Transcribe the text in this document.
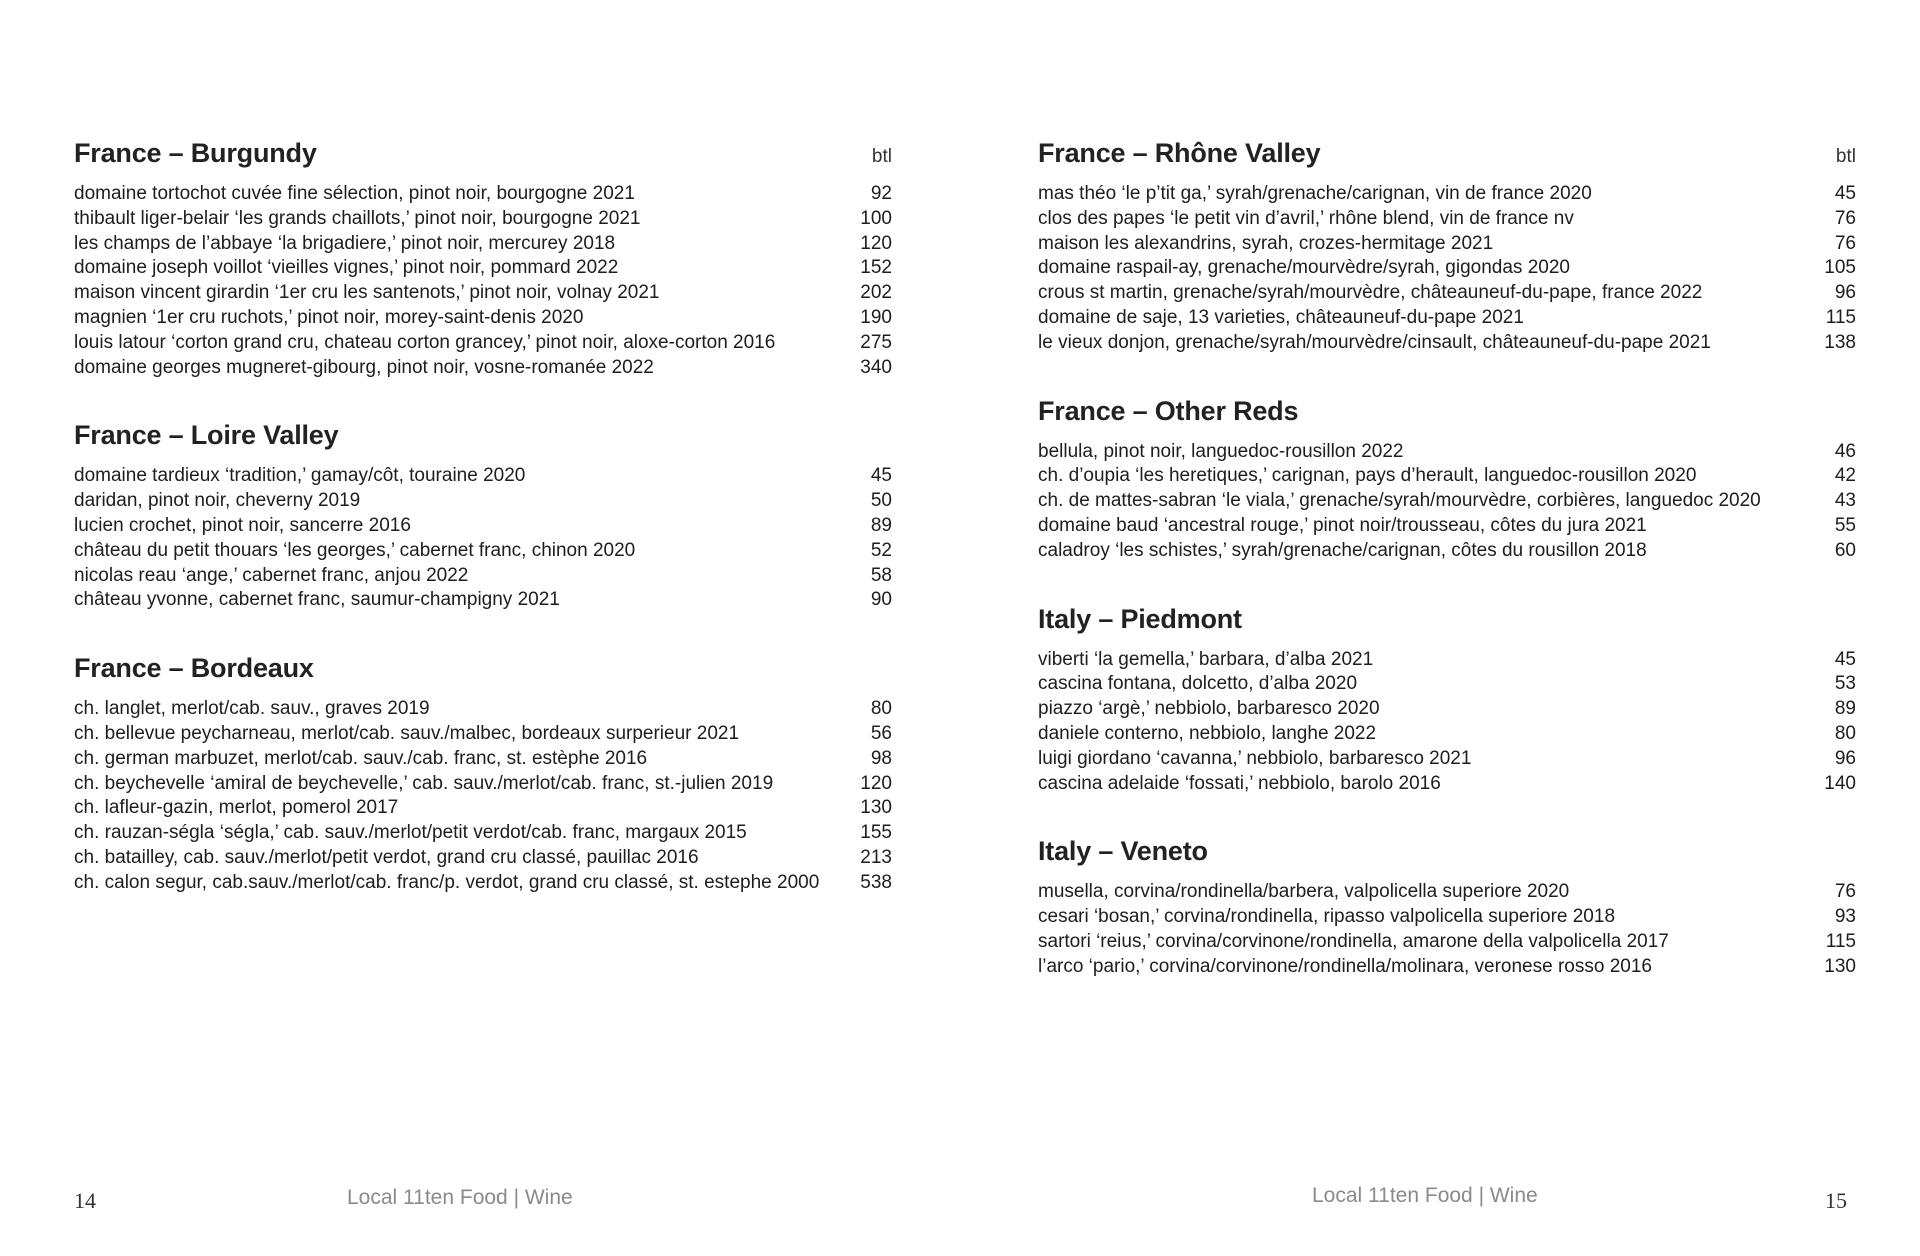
France – Burgundy	btl
domaine tortochot cuvée fine sélection, pinot noir, bourgogne 2021	92
thibault liger-belair ‘les grands chaillots,’ pinot noir, bourgogne 2021	100
les champs de l’abbaye ‘la brigadiere,’ pinot noir, mercurey 2018	120
domaine joseph voillot ‘vieilles vignes,’ pinot noir, pommard 2022	152
maison vincent girardin ‘1er cru les santenots,’ pinot noir, volnay 2021	202
magnien ‘1er cru ruchots,’ pinot noir, morey-saint-denis 2020	190
louis latour ‘corton grand cru, chateau corton grancey,’ pinot noir, aloxe-corton 2016	275
domaine georges mugneret-gibourg, pinot noir, vosne-romanée 2022	340
France – Loire Valley
domaine tardieux ‘tradition,’ gamay/côt, touraine 2020	45
daridan, pinot noir, cheverny 2019	50
lucien crochet, pinot noir, sancerre 2016	89
château du petit thouars ‘les georges,’ cabernet franc, chinon 2020	52
nicolas reau ‘ange,’ cabernet franc, anjou 2022	58
château yvonne, cabernet franc, saumur-champigny 2021	90
France – Bordeaux
ch. langlet, merlot/cab. sauv., graves 2019	80
ch. bellevue peycharneau, merlot/cab. sauv./malbec, bordeaux surperieur 2021	56
ch. german marbuzet, merlot/cab. sauv./cab. franc, st. estèphe 2016	98
ch. beychevelle ‘amiral de beychevelle,’ cab. sauv./merlot/cab. franc, st.-julien 2019	120
ch. lafleur-gazin, merlot, pomerol 2017	130
ch. rauzan-ségla ‘ségla,’ cab. sauv./merlot/petit verdot/cab. franc, margaux 2015	155
ch. batailley, cab. sauv./merlot/petit verdot, grand cru classé, pauillac 2016	213
ch. calon segur, cab.sauv./merlot/cab. franc/p. verdot, grand cru classé, st. estephe 2000	538
14	Local 11ten Food | Wine
France – Rhône Valley	btl
mas théo ‘le p’tit ga,’ syrah/grenache/carignan, vin de france 2020	45
clos des papes ‘le petit vin d’avril,’ rhône blend, vin de france nv	76
maison les alexandrins, syrah, crozes-hermitage 2021	76
domaine raspail-ay, grenache/mourvèdre/syrah, gigondas 2020	105
crous st martin, grenache/syrah/mourvèdre, châteauneuf-du-pape, france 2022	96
domaine de saje, 13 varieties, châteauneuf-du-pape 2021	115
le vieux donjon, grenache/syrah/mourvèdre/cinsault, châteauneuf-du-pape 2021	138
France – Other Reds
bellula, pinot noir, languedoc-rousillon 2022	46
ch. d’oupia ‘les heretiques,’ carignan, pays d’herault, languedoc-rousillon 2020	42
ch. de mattes-sabran ‘le viala,’ grenache/syrah/mourvèdre, corbières, languedoc 2020	43
domaine baud ‘ancestral rouge,’ pinot noir/trousseau, côtes du jura 2021	55
caladroy ‘les schistes,’ syrah/grenache/carignan, côtes du rousillon 2018	60
Italy – Piedmont
viberti ‘la gemella,’ barbara, d’alba 2021	45
cascina fontana, dolcetto, d’alba 2020	53
piazzo ‘argè,’ nebbiolo, barbaresco 2020	89
daniele conterno, nebbiolo, langhe 2022	80
luigi giordano ‘cavanna,’ nebbiolo, barbaresco 2021	96
cascina adelaide ‘fossati,’ nebbiolo, barolo 2016	140
Italy – Veneto
musella, corvina/rondinella/barbera, valpolicella superiore 2020	76
cesari ‘bosan,’ corvina/rondinella, ripasso valpolicella superiore 2018	93
sartori ‘reius,’ corvina/corvinone/rondinella, amarone della valpolicella 2017	115
l’arco ‘pario,’ corvina/corvinone/rondinella/molinara, veronese rosso 2016	130
15
Local 11ten Food | Wine
